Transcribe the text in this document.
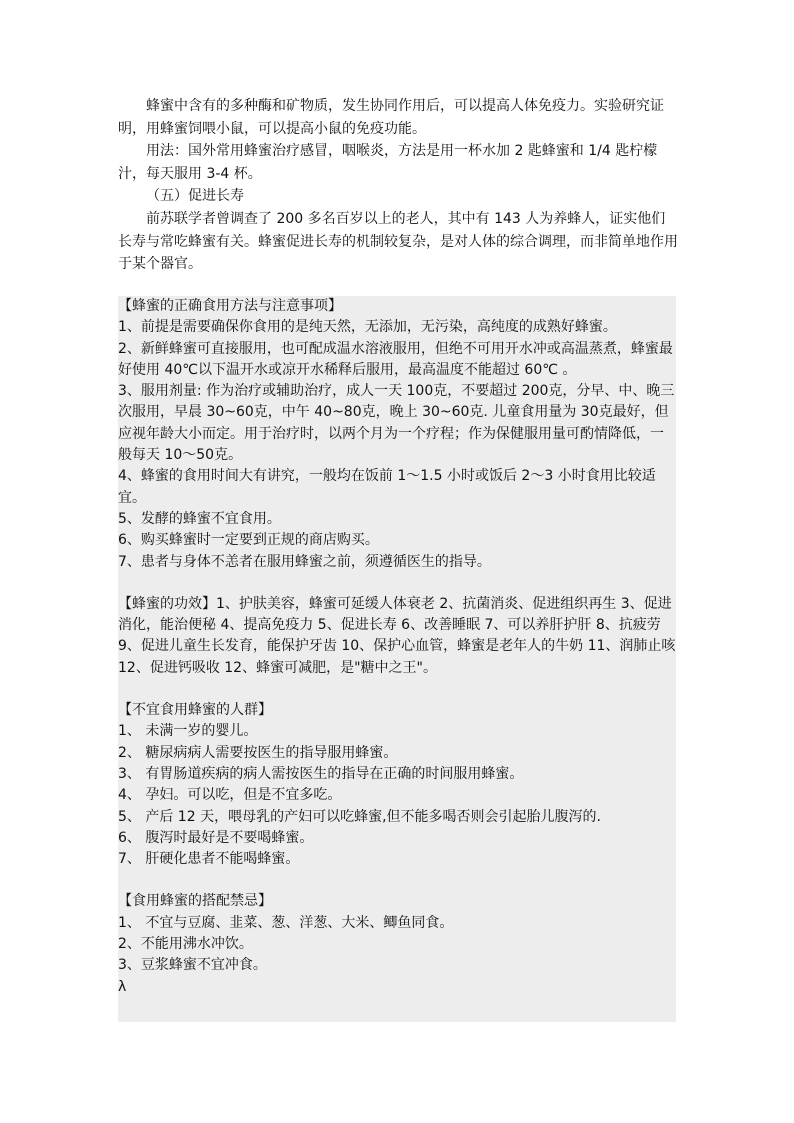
蜂蜜中含有的多种酶和矿物质，发生协同作用后，可以提高人体免疫力。实验研究证明，用蜂蜜饲喂小鼠，可以提高小鼠的免疫功能。

用法：国外常用蜂蜜治疗感冒，咽喉炎，方法是用一杯水加 2 匙蜂蜜和 1/4 匙柠檬汁，每天服用 3-4 杯。

（五）促进长寿

前苏联学者曾调查了 200 多名百岁以上的老人，其中有 143 人为养蜂人，证实他们长寿与常吃蜂蜜有关。蜂蜜促进长寿的机制较复杂，是对人体的综合调理，而非简单地作用于某个器官。

【蜂蜜的正确食用方法与注意事项】

1、前提是需要确保你食用的是纯天然，无添加，无污染，高纯度的成熟好蜂蜜。

2、新鲜蜂蜜可直接服用，也可配成温水溶液服用，但绝不可用开水冲或高温蒸煮，蜂蜜最好使用 40℃以下温开水或凉开水稀释后服用，最高温度不能超过 60℃ 。

3、服用剂量: 作为治疗或辅助治疗，成人一天 100克，不要超过 200克，分早、中、晚三次服用，早晨 30~60克，中午 40~80克，晚上 30~60克. 儿童食用量为 30克最好，但应视年龄大小而定。用于治疗时，以两个月为一个疗程；作为保健服用量可酌情降低，一般每天 10～50克。

4、蜂蜜的食用时间大有讲究，一般均在饭前 1～1.5 小时或饭后 2～3 小时食用比较适宜。

5、发酵的蜂蜜不宜食用。

6、购买蜂蜜时一定要到正规的商店购买。

7、患者与身体不恙者在服用蜂蜜之前，须遵循医生的指导。

【蜂蜜的功效】1、护肤美容，蜂蜜可延缓人体衰老 2、抗菌消炎、促进组织再生 3、促进消化，能治便秘 4、提高免疫力 5、促进长寿 6、改善睡眠 7、可以养肝护肝 8、抗疲劳 9、促进儿童生长发育，能保护牙齿 10、保护心血管，蜂蜜是老年人的牛奶 11、润肺止咳 12、促进钙吸收 12、蜂蜜可减肥，是"糖中之王"。

【不宜食用蜂蜜的人群】

1、 未满一岁的婴儿。

2、 糖尿病病人需要按医生的指导服用蜂蜜。

3、 有胃肠道疾病的病人需按医生的指导在正确的时间服用蜂蜜。

4、 孕妇。可以吃，但是不宜多吃。

5、 产后 12 天，喂母乳的产妇可以吃蜂蜜,但不能多喝否则会引起胎儿腹泻的.

6、 腹泻时最好是不要喝蜂蜜。

7、 肝硬化患者不能喝蜂蜜。

【食用蜂蜜的搭配禁忌】

1、 不宜与豆腐、韭菜、葱、洋葱、大米、鲫鱼同食。

2、不能用沸水冲饮。

3、豆浆蜂蜜不宜冲食。

λ
